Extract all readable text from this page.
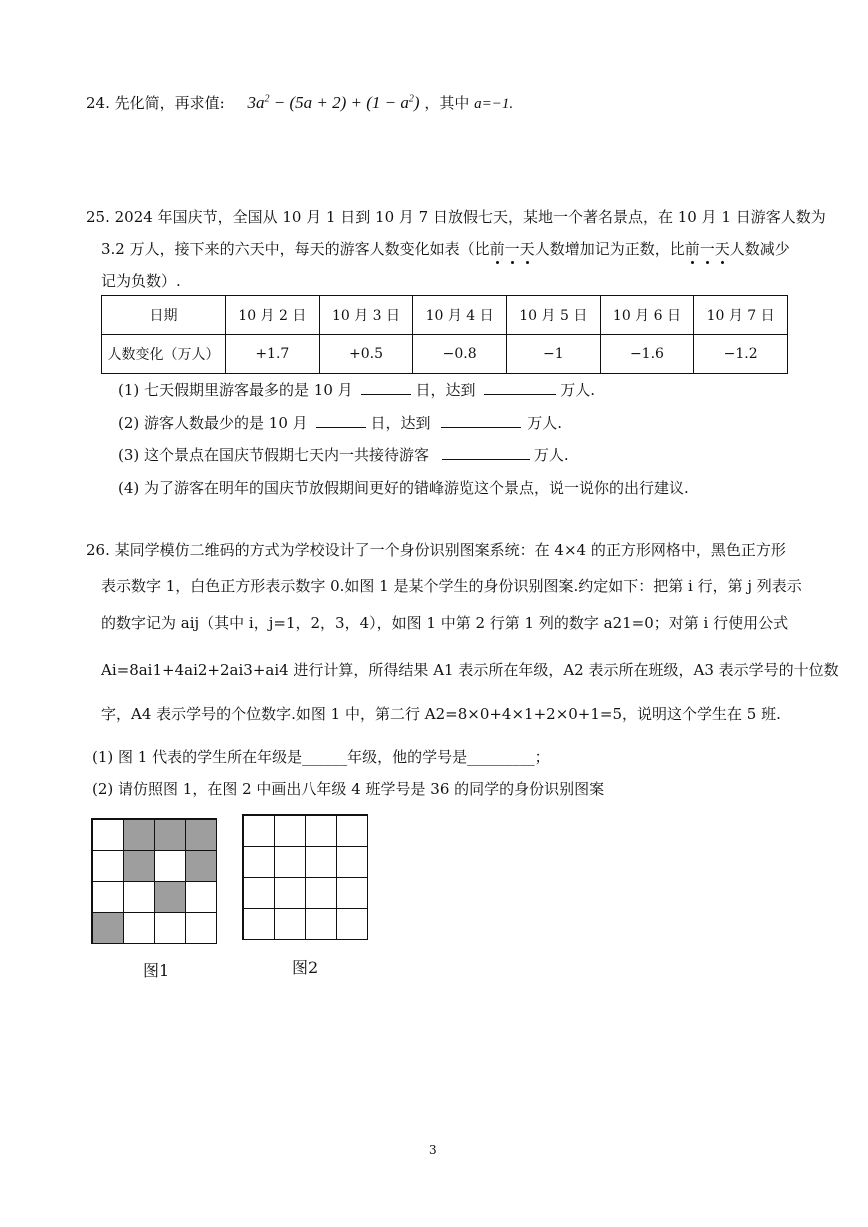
24. 先化简，再求值: $3a^2 - (5a + 2) + (1 - a^2)$ ，其中 a=−1.
25. 2024 年国庆节，全国从 10 月 1 日到 10 月 7 日放假七天，某地一个著名景点，在 10 月 1 日游客人数为
3.2 万人，接下来的六天中，每天的游客人数变化如表（比前一天人数增加记为正数，比前一天人数减少
记为负数）.
日期	10 月 2 日	10 月 3 日	10 月 4 日	10 月 5 日	10 月 6 日	10 月 7 日
人数变化（万人）	+1.7	+0.5	−0.8	−1	−1.6	−1.2
(1) 七天假期里游客最多的是 10 月	日，达到	万人.
(2) 游客人数最少的是 10 月	日，达到	万人.
(3) 这个景点在国庆节假期七天内一共接待游客	万人.
(4) 为了游客在明年的国庆节放假期间更好的错峰游览这个景点，说一说你的出行建议.
26. 某同学模仿二维码的方式为学校设计了一个身份识别图案系统：在 4×4 的正方形网格中，黑色正方形
表示数字 1，白色正方形表示数字 0.如图 1 是某个学生的身份识别图案.约定如下：把第 i 行，第 j 列表示
的数字记为 aij（其中 i，j=1，2，3，4），如图 1 中第 2 行第 1 列的数字 a21=0；对第 i 行使用公式
Ai=8ai1+4ai2+2ai3+ai4 进行计算，所得结果 A1 表示所在年级，A2 表示所在班级，A3 表示学号的十位数
字，A4 表示学号的个位数字.如图 1 中，第二行 A2=8×0+4×1+2×0+1=5，说明这个学生在 5 班.
(1) 图 1 代表的学生所在年级是______年级，他的学号是_________；
(2) 请仿照图 1，在图 2 中画出八年级 4 班学号是 36 的同学的身份识别图案
图1	图2
3
